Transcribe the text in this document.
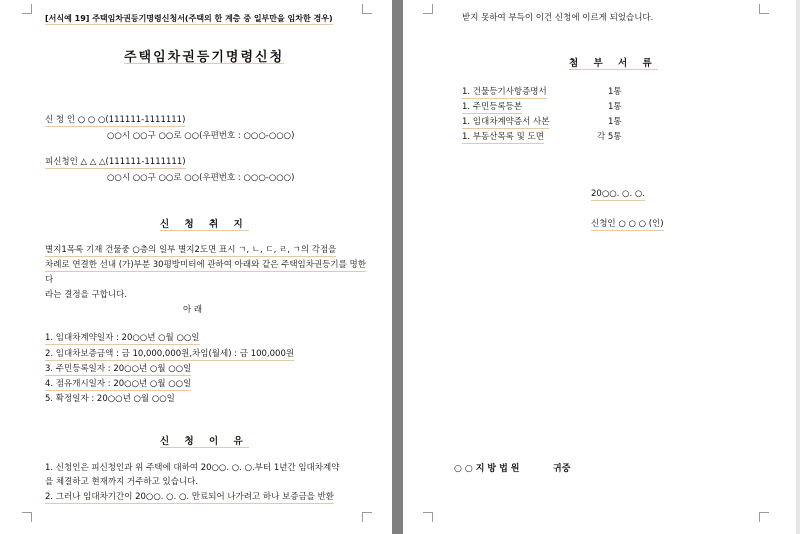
[서식예 19] 주택임차권등기명령신청서(주택의 한 계층 중 일부만을 임차한 경우)
주택임차권등기명령신청
신 청 인 ○ ○ ○(111111-1111111)
○○시 ○○구 ○○로 ○○(우편번호 : ○○○-○○○)
피신청인 △ △ △(111111-1111111)
○○시 ○○구 ○○로 ○○(우편번호 : ○○○-○○○)
신 청 취 지
별지1목록 기재 건물중 ○층의 일부 별지2도면 표시 ㄱ, ㄴ, ㄷ, ㄹ, ㄱ의 각점을
차례로 연결한 선내 (가)부분 30평방미터에 관하여 아래와 같은 주택임차권등기를 명한
다
라는 결정을 구합니다.
아 래
1. 임대차계약일자 : 20○○년 ○월 ○○일
2. 임대차보증금액 : 금 10,000,000원,차임(월세) : 금 100,000원
3. 주민등록일자 : 20○○년 ○월 ○○일
4. 점유개시일자 : 20○○년 ○월 ○○일
5. 확정일자 : 20○○년 ○월 ○○일
신 청 이 유
1. 신청인은 피신청인과 위 주택에 대하여 20○○. ○. ○.부터 1년간 임대차계약
을 체결하고 현재까지 거주하고 있습니다.
2. 그러나 임대차기간이 20○○. ○. ○. 만료되어 나가려고 하나 보증금을 반환
받지 못하여 부득이 이건 신청에 이르게 되었습니다.
첨 부 서 류
1. 건물등기사항증명서	1통
1. 주민등록등본	1통
1. 임대차계약증서 사본	1통
1. 부동산목록 및 도면	각 5통
20○○. ○. ○.
신청인 ○ ○ ○ (인)
○○지방법원	귀중
